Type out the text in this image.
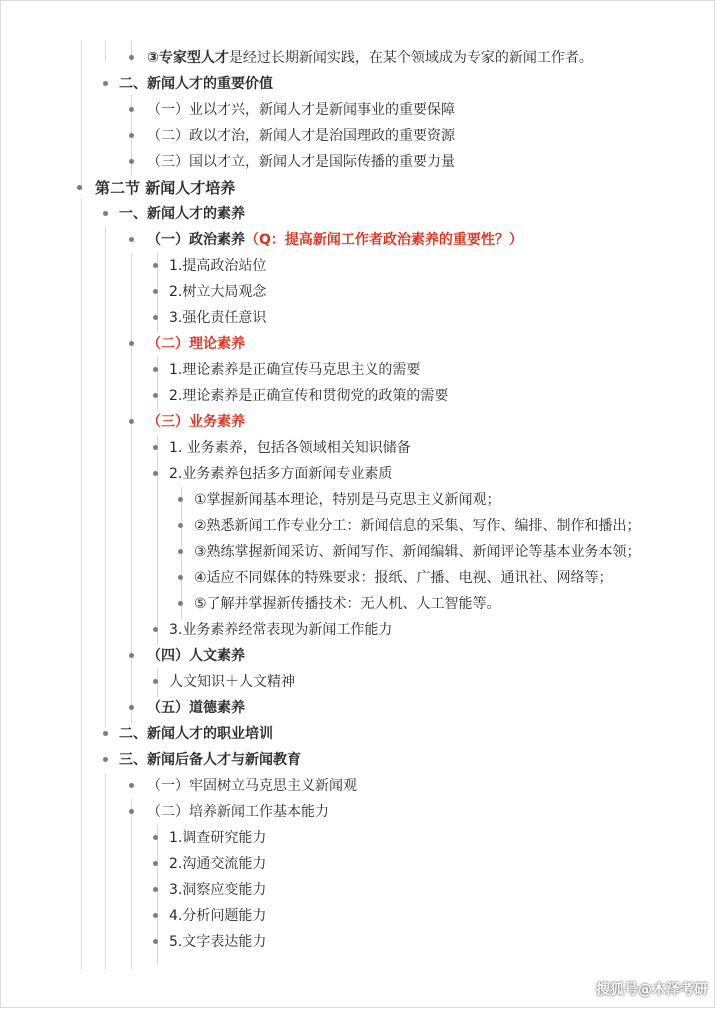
③专家型人才是经过长期新闻实践，在某个领域成为专家的新闻工作者。
二、新闻人才的重要价值
（一）业以才兴，新闻人才是新闻事业的重要保障
（二）政以才治，新闻人才是治国理政的重要资源
（三）国以才立，新闻人才是国际传播的重要力量
第二节 新闻人才培养
一、新闻人才的素养
（一）政治素养（Q：提高新闻工作者政治素养的重要性？）
1.提高政治站位
2.树立大局观念
3.强化责任意识
（二）理论素养
1.理论素养是正确宣传马克思主义的需要
2.理论素养是正确宣传和贯彻党的政策的需要
（三）业务素养
1. 业务素养，包括各领域相关知识储备
2.业务素养包括多方面新闻专业素质
①掌握新闻基本理论，特别是马克思主义新闻观；
②熟悉新闻工作专业分工：新闻信息的采集、写作、编排、制作和播出；
③熟练掌握新闻采访、新闻写作、新闻编辑、新闻评论等基本业务本领；
④适应不同媒体的特殊要求：报纸、广播、电视、通讯社、网络等；
⑤了解并掌握新传播技术：无人机、人工智能等。
3.业务素养经常表现为新闻工作能力
（四）人文素养
人文知识＋人文精神
（五）道德素养
二、新闻人才的职业培训
三、新闻后备人才与新闻教育
（一）牢固树立马克思主义新闻观
（二）培养新闻工作基本能力
1.调查研究能力
2.沟通交流能力
3.洞察应变能力
4.分析问题能力
5.文字表达能力
搜狐号@木泽考研
